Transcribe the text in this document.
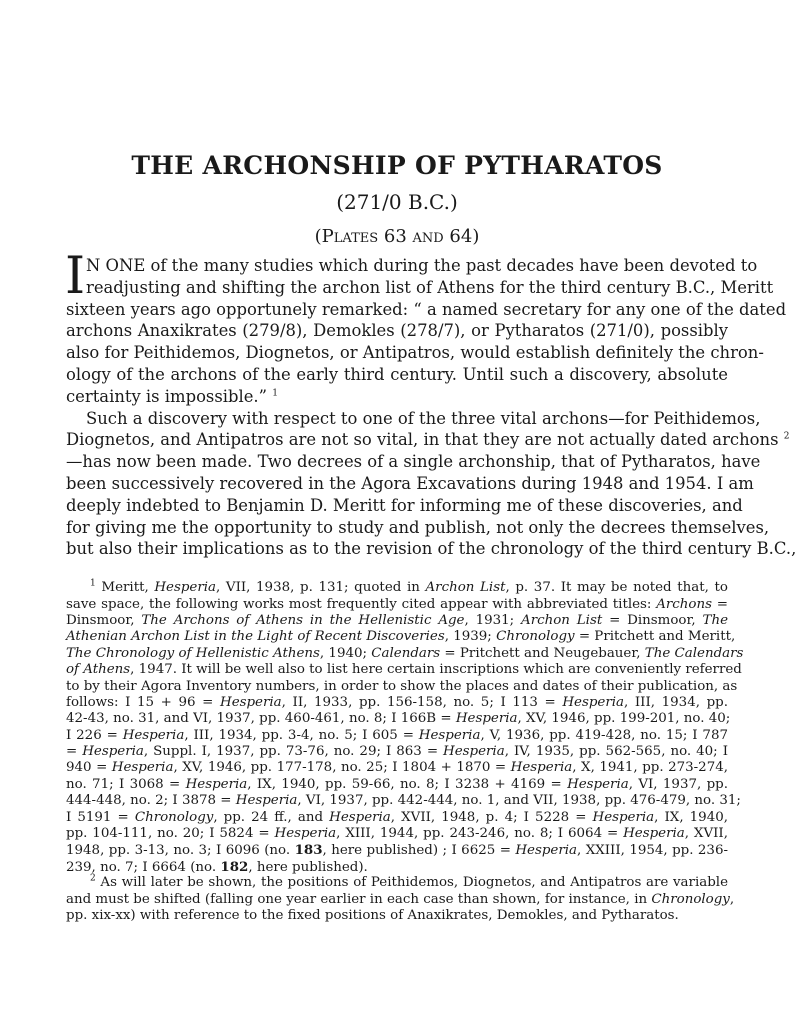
THE ARCHONSHIP OF PYTHARATOS
(271/0 B.C.)
(Plates 63 and 64)
I N ONE of the many studies which during the past decades have been devoted to
readjusting and shifting the archon list of Athens for the third century B.C., Meritt
sixteen years ago opportunely remarked: “ a named secretary for any one of the dated
archons Anaxikrates (279/8), Demokles (278/7), or Pytharatos (271/0), possibly
also for Peithidemos, Diognetos, or Antipatros, would establish definitely the chron-
ology of the archons of the early third century. Until such a discovery, absolute
certainty is impossible.” $^1$
Such a discovery with respect to one of the three vital archons—for Peithidemos,
Diognetos, and Antipatros are not so vital, in that they are not actually dated archons $^2$
—has now been made. Two decrees of a single archonship, that of Pytharatos, have
been successively recovered in the Agora Excavations during 1948 and 1954. I am
deeply indebted to Benjamin D. Meritt for informing me of these discoveries, and
for giving me the opportunity to study and publish, not only the decrees themselves,
but also their implications as to the revision of the chronology of the third century B.C.,
$^1$ Meritt, Hesperia, VII, 1938, p. 131; quoted in Archon List, p. 37. It may be noted that, to
save space, the following works most frequently cited appear with abbreviated titles: Archons =
Dinsmoor, The Archons of Athens in the Hellenistic Age, 1931; Archon List = Dinsmoor, The
Athenian Archon List in the Light of Recent Discoveries, 1939; Chronology = Pritchett and Meritt,
The Chronology of Hellenistic Athens, 1940; Calendars = Pritchett and Neugebauer, The Calendars
of Athens, 1947. It will be well also to list here certain inscriptions which are conveniently referred
to by their Agora Inventory numbers, in order to show the places and dates of their publication, as
follows: I 15 + 96 = Hesperia, II, 1933, pp. 156-158, no. 5; I 113 = Hesperia, III, 1934, pp.
42-43, no. 31, and VI, 1937, pp. 460-461, no. 8; I 166B = Hesperia, XV, 1946, pp. 199-201, no. 40;
I 226 = Hesperia, III, 1934, pp. 3-4, no. 5; I 605 = Hesperia, V, 1936, pp. 419-428, no. 15; I 787
= Hesperia, Suppl. I, 1937, pp. 73-76, no. 29; I 863 = Hesperia, IV, 1935, pp. 562-565, no. 40; I
940 = Hesperia, XV, 1946, pp. 177-178, no. 25; I 1804 + 1870 = Hesperia, X, 1941, pp. 273-274,
no. 71; I 3068 = Hesperia, IX, 1940, pp. 59-66, no. 8; I 3238 + 4169 = Hesperia, VI, 1937, pp.
444-448, no. 2; I 3878 = Hesperia, VI, 1937, pp. 442-444, no. 1, and VII, 1938, pp. 476-479, no. 31;
I 5191 = Chronology, pp. 24 ff., and Hesperia, XVII, 1948, p. 4; I 5228 = Hesperia, IX, 1940,
pp. 104-111, no. 20; I 5824 = Hesperia, XIII, 1944, pp. 243-246, no. 8; I 6064 = Hesperia, XVII,
1948, pp. 3-13, no. 3; I 6096 (no. 183, here published) ; I 6625 = Hesperia, XXIII, 1954, pp. 236-
239, no. 7; I 6664 (no. 182, here published).
$^2$ As will later be shown, the positions of Peithidemos, Diognetos, and Antipatros are variable
and must be shifted (falling one year earlier in each case than shown, for instance, in Chronology,
pp. xix-xx) with reference to the fixed positions of Anaxikrates, Demokles, and Pytharatos.
